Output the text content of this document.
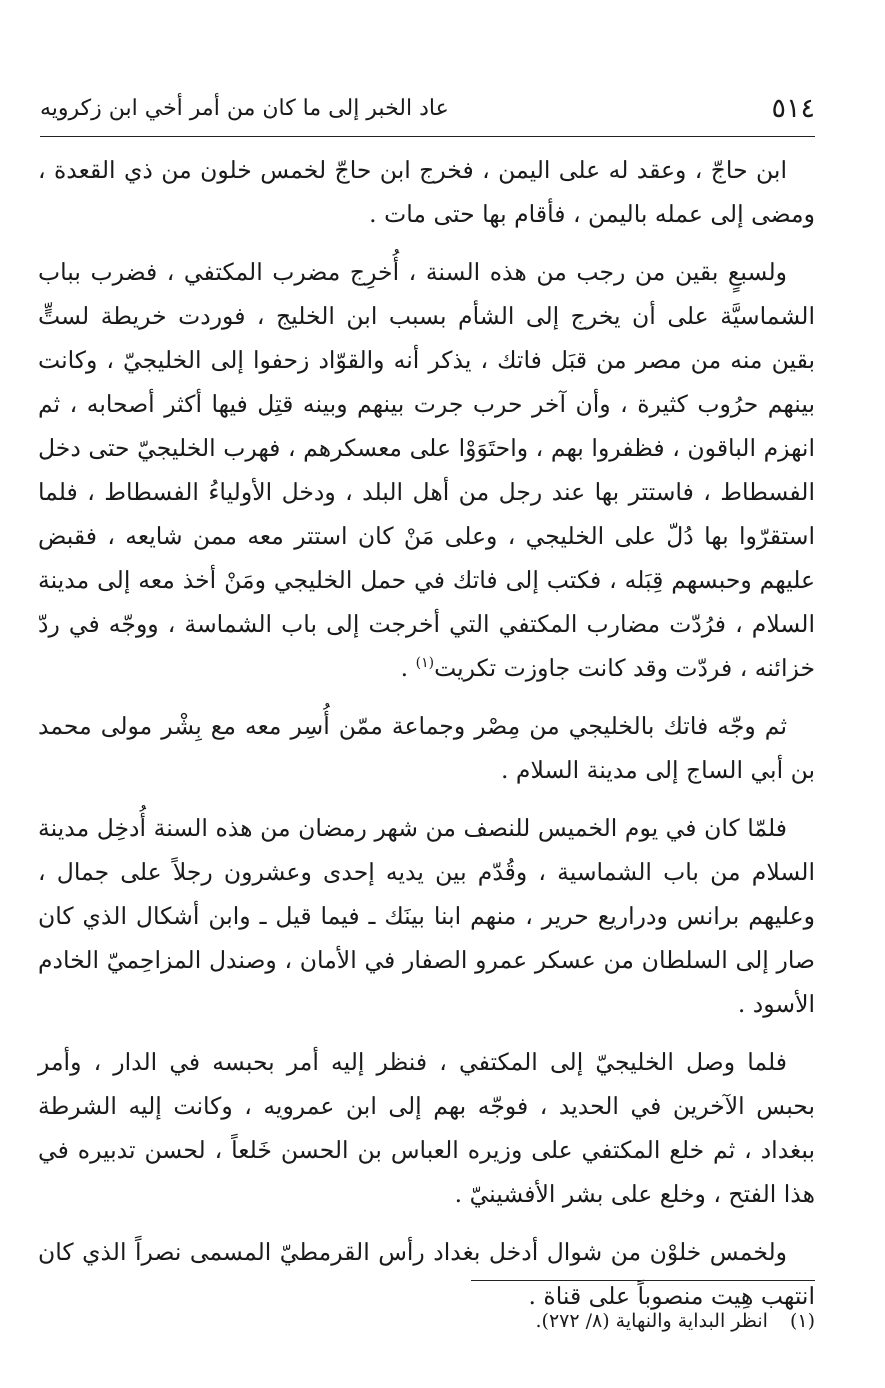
٥١٤
عاد الخبر إلى ما كان من أمر أخي ابن زكرويه

ابن حاجّ ، وعقد له على اليمن ، فخرج ابن حاجّ لخمس خلون من ذي القعدة ، ومضى إلى عمله باليمن ، فأقام بها حتى مات .

ولسبعٍ بقين من رجب من هذه السنة ، أُخرِج مضرب المكتفي ، فضرب بباب الشماسيَّة على أن يخرج إلى الشأم بسبب ابن الخليج ، فوردت خريطة لستٍّ بقين منه من مصر من قبَل فاتك ، يذكر أنه والقوّاد زحفوا إلى الخليجيّ ، وكانت بينهم حرُوب كثيرة ، وأن آخر حرب جرت بينهم وبينه قتِل فيها أكثر أصحابه ، ثم انهزم الباقون ، فظفروا بهم ، واحتَوَوْا على معسكرهم ، فهرب الخليجيّ حتى دخل الفسطاط ، فاستتر بها عند رجل من أهل البلد ، ودخل الأولياءُ الفسطاط ، فلما استقرّوا بها دُلّ على الخليجي ، وعلى مَنْ كان استتر معه ممن شايعه ، فقبض عليهم وحبسهم قِبَله ، فكتب إلى فاتك في حمل الخليجي ومَنْ أخذ معه إلى مدينة السلام ، فرُدّت مضارب المكتفي التي أخرجت إلى باب الشماسة ، ووجّه في ردّ خزائنه ، فردّت وقد كانت جاوزت تكريت$^{(١)}$ .

ثم وجّه فاتك بالخليجي من مِصْر وجماعة ممّن أُسِر معه مع بِشْر مولى محمد بن أبي الساج إلى مدينة السلام .

فلمّا كان في يوم الخميس للنصف من شهر رمضان من هذه السنة أُدخِل مدينة السلام من باب الشماسية ، وقُدّم بين يديه إحدى وعشرون رجلاً على جمال ، وعليهم برانس ودراريع حرير ، منهم ابنا بينَك ـ فيما قيل ـ وابن أشكال الذي كان صار إلى السلطان من عسكر عمرو الصفار في الأمان ، وصندل المزاحِميّ الخادم الأسود .

فلما وصل الخليجيّ إلى المكتفي ، فنظر إليه أمر بحبسه في الدار ، وأمر بحبس الآخرين في الحديد ، فوجّه بهم إلى ابن عمرويه ، وكانت إليه الشرطة ببغداد ، ثم خلع المكتفي على وزيره العباس بن الحسن خَلعاً ، لحسن تدبيره في هذا الفتح ، وخلع على بشر الأفشينيّ .

ولخمس خلوْن من شوال أدخل بغداد رأس القرمطيّ المسمى نصراً الذي كان انتهب هِيت منصوباً على قناة .

(١)انظر البداية والنهاية (٨/ ٢٧٢).
